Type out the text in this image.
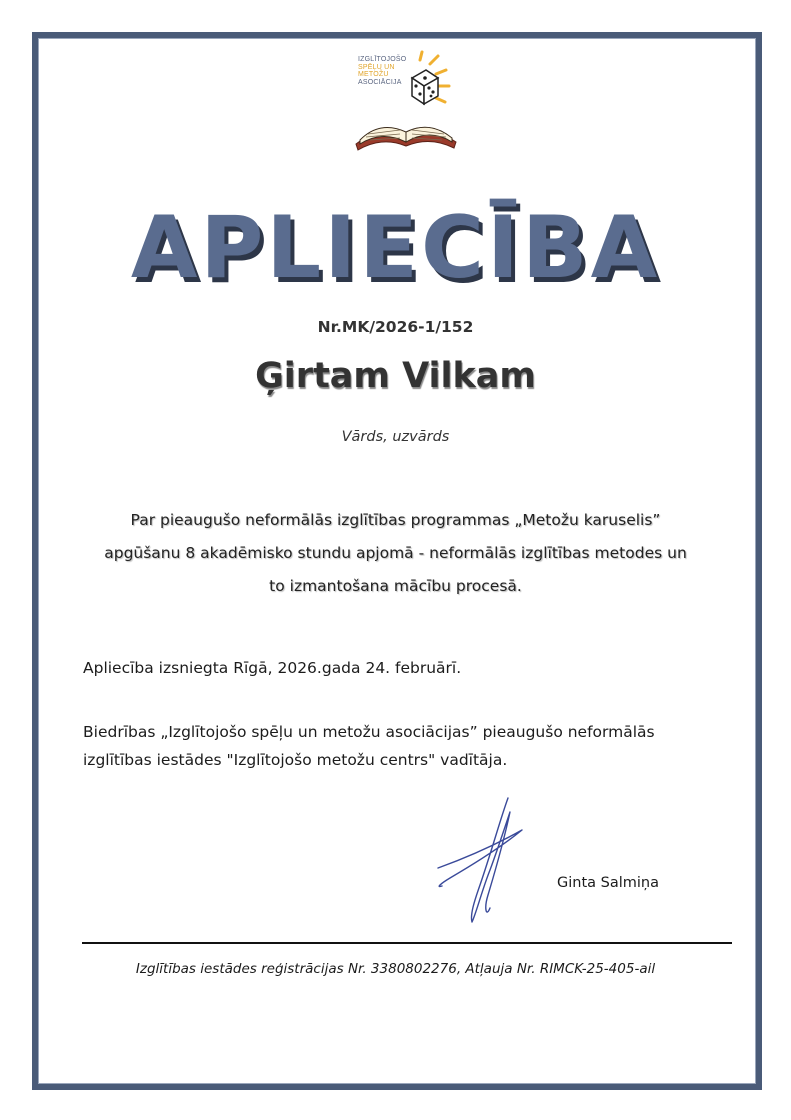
IZGLĪTOJOŠO
SPĒĻU UN
METOŽU
ASOCIĀCIJA
APLIECĪBA
Nr.MK/2026-1/152
Ģirtam Vilkam
Vārds, uzvārds
Par pieaugušo neformālās izglītības programmas „Metožu karuselis” apgūšanu 8 akadēmisko stundu apjomā - neformālās izglītības metodes un to izmantošana mācību procesā.
Apliecība izsniegta Rīgā, 2026.gada 24. februārī.
Biedrības „Izglītojošo spēļu un metožu asociācijas” pieaugušo neformālās izglītības iestādes "Izglītojošo metožu centrs" vadītāja.
Ginta Salmiņa
Izglītības iestādes reģistrācijas Nr. 3380802276, Atļauja Nr. RIMCK-25-405-ail
